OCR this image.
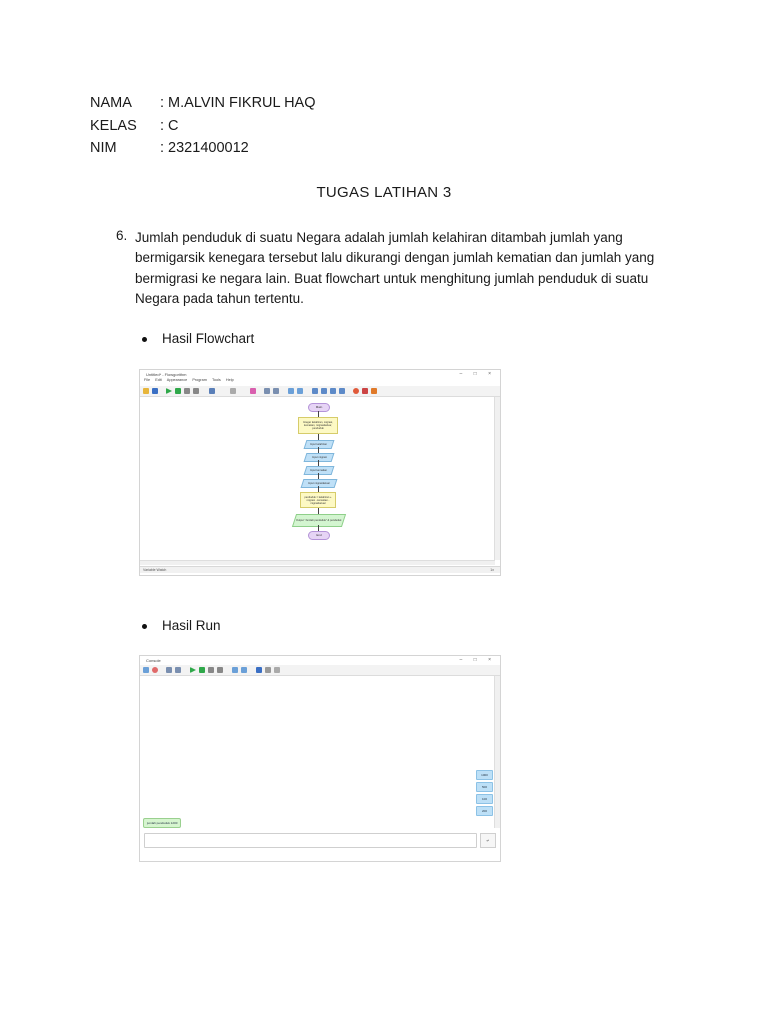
NAMA	: M.ALVIN FIKRUL HAQ
KELAS	: C
NIM	: 2321400012
TUGAS LATIHAN 3
6. Jumlah penduduk di suatu Negara adalah jumlah kelahiran ditambah jumlah yang bermigarsik kenegara tersebut lalu dikurangi dengan jumlah kematian dan jumlah yang bermigrasi ke negara lain. Buat flowchart untuk menghitung jumlah penduduk di suatu Negara pada tahun tertentu.
Hasil Flowchart
Untitled* - Flowgorithm	– □ ×
File Edit Appearance Program Tools Help
Main
Integer kelahiran, migrasi, kematian, migrasikeluar, penduduk
Input kelahiran
Input migrasi
Input kematian
Input migrasikeluar
penduduk = kelahiran + migrasi - kematian - migrasikeluar
Output "Jumlah penduduk" & penduduk
End
Variable Watch	1x
Hasil Run
Console	– □ ×
1000
500
100
200
jumlah penduduk 1200
↵
